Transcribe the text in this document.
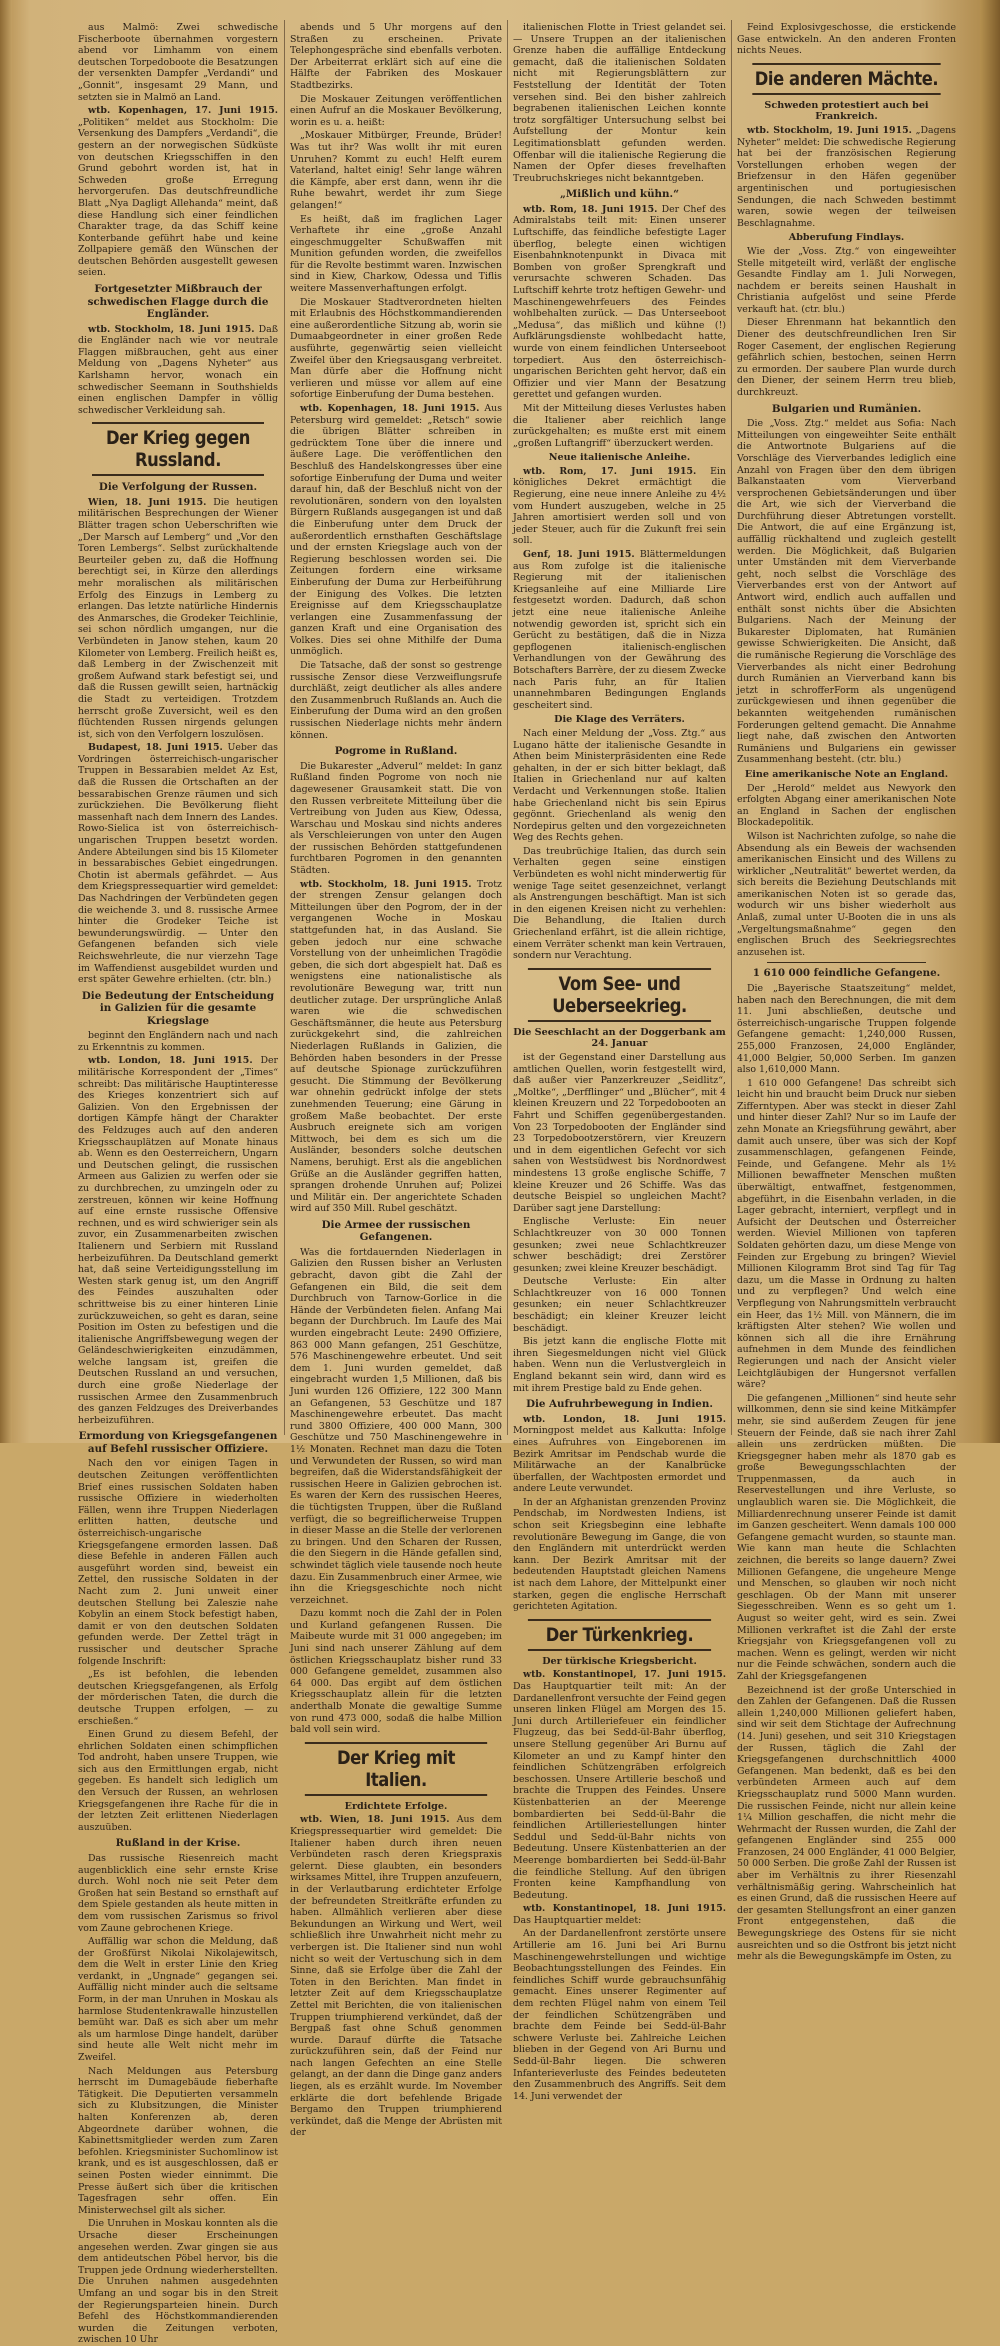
aus Malmö: Zwei schwedische Fischerboote übernahmen vorgestern abend vor Limhamm von einem deutschen Torpedoboote die Besatzungen der versenkten Dampfer „Verdandi“ und „Gonnit“, insgesamt 29 Mann, und setzten sie in Malmö an Land.

wtb. Kopenhagen, 17. Juni 1915. „Politiken“ meldet aus Stockholm: Die Versenkung des Dampfers „Verdandi“, die gestern an der norwegischen Südküste von deutschen Kriegsschiffen in den Grund gebohrt worden ist, hat in Schweden große Erregung hervorgerufen. Das deutschfreundliche Blatt „Nya Dagligt Allehanda“ meint, daß diese Handlung sich einer feindlichen Charakter trage, da das Schiff keine Konterbande geführt habe und keine Zollpapiere gemäß den Wünschen der deutschen Behörden ausgestellt gewesen seien.

Fortgesetzter Mißbrauch der schwedischen Flagge durch die Engländer.

wtb. Stockholm, 18. Juni 1915. Daß die Engländer nach wie vor neutrale Flaggen mißbrauchen, geht aus einer Meldung von „Dagens Nyheter“ aus Karlshamn hervor, wonach ein schwedischer Seemann in Southshields einen englischen Dampfer in völlig schwedischer Verkleidung sah.

Der Krieg gegen Russland.
Die Verfolgung der Russen.

Wien, 18. Juni 1915. Die heutigen militärischen Besprechungen der Wiener Blätter tragen schon Ueberschriften wie „Der Marsch auf Lemberg“ und „Vor den Toren Lembergs“. Selbst zurückhaltende Beurteiler geben zu, daß die Hoffnung berechtigt sei, in Kürze den allerdings mehr moralischen als militärischen Erfolg des Einzugs in Lemberg zu erlangen. Das letzte natürliche Hindernis des Anmarsches, die Grodeker Teichlinie, sei schon nördlich umgangen, nur die Verbündeten in Janow stehen, kaum 20 Kilometer von Lemberg. Freilich heißt es, daß Lemberg in der Zwischenzeit mit großem Aufwand stark befestigt sei, und daß die Russen gewillt seien, hartnäckig die Stadt zu verteidigen. Trotzdem herrscht große Zuversicht, weil es den flüchtenden Russen nirgends gelungen ist, sich von den Verfolgern loszulösen.

Budapest, 18. Juni 1915. Ueber das Vordringen österreichisch-ungarischer Truppen in Bessarabien meldet Az Est, daß die Russen die Ortschaften an der bessarabischen Grenze räumen und sich zurückziehen. Die Bevölkerung flieht massenhaft nach dem Innern des Landes. Rowo-Sielica ist von österreichisch-ungarischen Truppen besetzt worden. Andere Abteilungen sind bis 15 Kilometer in bessarabisches Gebiet eingedrungen. Chotin ist abermals gefährdet. — Aus dem Kriegspressequartier wird gemeldet: Das Nachdringen der Verbündeten gegen die weichende 3. und 8. russische Armee hinter die Grodeker Teiche ist bewunderungswürdig. — Unter den Gefangenen befanden sich viele Reichswehrleute, die nur vierzehn Tage im Waffendienst ausgebildet wurden und erst später Gewehre erhielten. (ctr. bln.)

Die Bedeutung der Entscheidung in Galizien für die gesamte Kriegslage

beginnt den Engländern nach und nach zu Erkenntnis zu kommen.

wtb. London, 18. Juni 1915. Der militärische Korrespondent der „Times“ schreibt: Das militärische Hauptinteresse des Krieges konzentriert sich auf Galizien. Von den Ergebnissen der dortigen Kämpfe hängt der Charakter des Feldzuges auch auf den anderen Kriegsschauplätzen auf Monate hinaus ab. Wenn es den Oesterreichern, Ungarn und Deutschen gelingt, die russischen Armeen aus Galizien zu werfen oder sie zu durchbrechen, zu umzingeln oder zu zerstreuen, können wir keine Hoffnung auf eine ernste russische Offensive rechnen, und es wird schwieriger sein als zuvor, ein Zusammenarbeiten zwischen Italienern und Serbiern mit Russland herbeizuführen. Da Deutschland gemerkt hat, daß seine Verteidigungsstellung im Westen stark genug ist, um den Angriff des Feindes auszuhalten oder schrittweise bis zu einer hinteren Linie zurückzuweichen, so geht es daran, seine Position im Osten zu befestigen und die italienische Angriffsbewegung wegen der Geländeschwierigkeiten einzudämmen, welche langsam ist, greifen die Deutschen Russland an und versuchen, durch eine große Niederlage der russischen Armee den Zusammenbruch des ganzen Feldzuges des Dreiverbandes herbeizuführen.

Ermordung von Kriegsgefangenen auf Befehl russischer Offiziere.

Nach den vor einigen Tagen in deutschen Zeitungen veröffentlichten Brief eines russischen Soldaten haben russische Offiziere in wiederholten Fällen, wenn ihre Truppen Niederlagen erlitten hatten, deutsche und österreichisch-ungarische Kriegsgefangene ermorden lassen. Daß diese Befehle in anderen Fällen auch ausgeführt worden sind, beweist ein Zettel, den russische Soldaten in der Nacht zum 2. Juni unweit einer deutschen Stellung bei Zaleszie nahe Kobylin an einem Stock befestigt haben, damit er von den deutschen Soldaten gefunden werde. Der Zettel trägt in russischer und deutscher Sprache folgende Inschrift:

„Es ist befohlen, die lebenden deutschen Kriegsgefangenen, als Erfolg der mörderischen Taten, die durch die deutsche Truppen erfolgen, — zu erschießen.“

Einen Grund zu diesem Befehl, der ehrlichen Soldaten einen schimpflichen Tod androht, haben unsere Truppen, wie sich aus den Ermittlungen ergab, nicht gegeben. Es handelt sich lediglich um den Versuch der Russen, an wehrlosen Kriegsgefangenen ihre Rache für die in der letzten Zeit erlittenen Niederlagen auszuüben.

Rußland in der Krise.

Das russische Riesenreich macht augenblicklich eine sehr ernste Krise durch. Wohl noch nie seit Peter dem Großen hat sein Bestand so ernsthaft auf dem Spiele gestanden als heute mitten in dem vom russischen Zarismus so frivol vom Zaune gebrochenen Kriege.

Auffällig war schon die Meldung, daß der Großfürst Nikolai Nikolajewitsch, dem die Welt in erster Linie den Krieg verdankt, in „Ungnade“ gegangen sei. Auffällig nicht minder auch die seltsame Form, in der man Unruhen in Moskau als harmlose Studentenkrawalle hinzustellen bemüht war. Daß es sich aber um mehr als um harmlose Dinge handelt, darüber sind heute alle Welt nicht mehr im Zweifel.

Nach Meldungen aus Petersburg herrscht im Dumagebäude fieberhafte Tätigkeit. Die Deputierten versammeln sich zu Klubsitzungen, die Minister halten Konferenzen ab, deren Abgeordnete darüber wohnen, die Kabinettsmitglieder werden zum Zaren befohlen. Kriegsminister Suchomlinow ist krank, und es ist ausgeschlossen, daß er seinen Posten wieder einnimmt. Die Presse äußert sich über die kritischen Tagesfragen sehr offen. Ein Ministerwechsel gilt als sicher.

Die Unruhen in Moskau konnten als die Ursache dieser Erscheinungen angesehen werden. Zwar gingen sie aus dem antideutschen Pöbel hervor, bis die Truppen jede Ordnung wiederherstellten. Die Unruhen nahmen ausgedehnten Umfang an und sogar bis in den Streit der Regierungsparteien hinein. Durch Befehl des Höchstkommandierenden wurden die Zeitungen verboten, zwischen 10 Uhr

abends und 5 Uhr morgens auf den Straßen zu erscheinen. Private Telephongespräche sind ebenfalls verboten. Der Arbeiterrat erklärt sich auf eine die Hälfte der Fabriken des Moskauer Stadtbezirks.

Die Moskauer Zeitungen veröffentlichen einen Aufruf an die Moskauer Bevölkerung, worin es u. a. heißt:

„Moskauer Mitbürger, Freunde, Brüder! Was tut ihr? Was wollt ihr mit euren Unruhen? Kommt zu euch! Helft eurem Vaterland, haltet einig! Sehr lange währen die Kämpfe, aber erst dann, wenn ihr die Ruhe bewahrt, werdet ihr zum Siege gelangen!“

Es heißt, daß im fraglichen Lager Verhaftete ihr eine „große Anzahl eingeschmuggelter Schußwaffen mit Munition gefunden worden, die zweifellos für die Revolte bestimmt waren. Inzwischen sind in Kiew, Charkow, Odessa und Tiflis weitere Massenverhaftungen erfolgt.

Die Moskauer Stadtverordneten hielten mit Erlaubnis des Höchstkommandierenden eine außerordentliche Sitzung ab, worin sie Dumaabgeordneter in einer großen Rede ausführte, gegenwärtig seien vielleicht Zweifel über den Kriegsausgang verbreitet. Man dürfe aber die Hoffnung nicht verlieren und müsse vor allem auf eine sofortige Einberufung der Duma bestehen.

wtb. Kopenhagen, 18. Juni 1915. Aus Petersburg wird gemeldet: „Retsch“ sowie die übrigen Blätter schreiben in gedrücktem Tone über die innere und äußere Lage. Die veröffentlichen den Beschluß des Handelskongresses über eine sofortige Einberufung der Duma und weiter darauf hin, daß der Beschluß nicht von der revolutionären, sondern von den loyalsten Bürgern Rußlands ausgegangen ist und daß die Einberufung unter dem Druck der außerordentlich ernsthaften Geschäftslage und der ernsten Kriegslage auch von der Regierung beschlossen worden sei. Die Zeitungen fordern eine wirksame Einberufung der Duma zur Herbeiführung der Einigung des Volkes. Die letzten Ereignisse auf dem Kriegsschauplatze verlangen eine Zusammenfassung der ganzen Kraft und eine Organisation des Volkes. Dies sei ohne Mithilfe der Duma unmöglich.

Die Tatsache, daß der sonst so gestrenge russische Zensor diese Verzweiflungsrufe durchläßt, zeigt deutlicher als alles andere den Zusammenbruch Rußlands an. Auch die Einberufung der Duma wird an den großen russischen Niederlage nichts mehr ändern können.

Pogrome in Rußland.

Die Bukarester „Adverul“ meldet: In ganz Rußland finden Pogrome von noch nie dagewesener Grausamkeit statt. Die von den Russen verbreitete Mitteilung über die Vertreibung von Juden aus Kiew, Odessa, Warschau und Moskau sind nichts anderes als Verschleierungen von unter den Augen der russischen Behörden stattgefundenen furchtbaren Pogromen in den genannten Städten.

wtb. Stockholm, 18. Juni 1915. Trotz der strengen Zensur gelangen doch Mitteilungen über den Pogrom, der in der vergangenen Woche in Moskau stattgefunden hat, in das Ausland. Sie geben jedoch nur eine schwache Vorstellung von der unheimlichen Tragödie geben, die sich dort abgespielt hat. Daß es wenigstens eine nationalistische als revolutionäre Bewegung war, tritt nun deutlicher zutage. Der ursprüngliche Anlaß waren wie die schwedischen Geschäftsmänner, die heute aus Petersburg zurückgekehrt sind, die zahlreichen Niederlagen Rußlands in Galizien, die Behörden haben besonders in der Presse auf deutsche Spionage zurückzuführen gesucht. Die Stimmung der Bevölkerung war ohnehin gedrückt infolge der stets zunehmenden Teuerung; eine Gärung in großem Maße beobachtet. Der erste Ausbruch ereignete sich am vorigen Mittwoch, bei dem es sich um die Ausländer, besonders solche deutschen Namens, beruhigt. Erst als die angeblichen Grüße an die Ausländer gegriffen hatten, sprangen drohende Unruhen auf; Polizei und Militär ein. Der angerichtete Schaden wird auf 350 Mill. Rubel geschätzt.

Die Armee der russischen Gefangenen.

Was die fortdauernden Niederlagen in Galizien den Russen bisher an Verlusten gebracht, davon gibt die Zahl der Gefangenen ein Bild, die seit dem Durchbruch von Tarnow-Gorlice in die Hände der Verbündeten fielen. Anfang Mai begann der Durchbruch. Im Laufe des Mai wurden eingebracht Leute: 2490 Offiziere, 863 000 Mann gefangen, 251 Geschütze, 576 Maschinengewehre erbeutet. Und seit dem 1. Juni wurden gemeldet, daß eingebracht wurden 1,5 Millionen, daß bis Juni wurden 126 Offiziere, 122 300 Mann an Gefangenen, 53 Geschütze und 187 Maschinengewehre erbeutet. Das macht rund 3800 Offiziere, 400 000 Mann, 300 Geschütze und 750 Maschinengewehre in 1½ Monaten. Rechnet man dazu die Toten und Verwundeten der Russen, so wird man begreifen, daß die Widerstandsfähigkeit der russischen Heere in Galizien gebrochen ist. Es waren der Kern des russischen Heeres, die tüchtigsten Truppen, über die Rußland verfügt, die so begreiflicherweise Truppen in dieser Masse an die Stelle der verlorenen zu bringen. Und den Scharen der Russen, die den Siegern in die Hände gefallen sind, schwindet täglich viele tausende noch heute dazu. Ein Zusammenbruch einer Armee, wie ihn die Kriegsgeschichte noch nicht verzeichnet.

Dazu kommt noch die Zahl der in Polen und Kurland gefangenen Russen. Die Maibeute wurde mit 31 000 angegeben; im Juni sind nach unserer Zählung auf dem östlichen Kriegsschauplatz bisher rund 33 000 Gefangene gemeldet, zusammen also 64 000. Das ergibt auf dem östlichen Kriegsschauplatz allein für die letzten anderthalb Monate die gewaltige Summe von rund 473 000, sodaß die halbe Million bald voll sein wird.

Der Krieg mit Italien.
Erdichtete Erfolge.

wtb. Wien, 18. Juni 1915. Aus dem Kriegspressequartier wird gemeldet: Die Italiener haben durch ihren neuen Verbündeten rasch deren Kriegspraxis gelernt. Diese glaubten, ein besonders wirksames Mittel, ihre Truppen anzufeuern, in der Verlautbarung erdichteter Erfolge der befreundeten Streitkräfte erfunden zu haben. Allmählich verlieren aber diese Bekundungen an Wirkung und Wert, weil schließlich ihre Unwahrheit nicht mehr zu verbergen ist. Die Italiener sind nun wohl nicht so weit der Vertuschung sich in dem Sinne, daß sie Erfolge über die Zahl der Toten in den Berichten. Man findet in letzter Zeit auf dem Kriegsschauplatze Zettel mit Berichten, die von italienischen Truppen triumphierend verkündet, daß der Bergpaß fast ohne Schuß genommen wurde. Darauf dürfte die Tatsache zurückzuführen sein, daß der Feind nur nach langen Gefechten an eine Stelle gelangt, an der dann die Dinge ganz anders liegen, als es erzählt wurde. Im November erklärte die dort befehlende Brigade Bergamo den Truppen triumphierend verkündet, daß die Menge der Abrüsten mit der

italienischen Flotte in Triest gelandet sei. — Unsere Truppen an der italienischen Grenze haben die auffällige Entdeckung gemacht, daß die italienischen Soldaten nicht mit Regierungsblättern zur Feststellung der Identität der Toten versehen sind. Bei den bisher zahlreich begrabenen italienischen Leichen konnte trotz sorgfältiger Untersuchung selbst bei Aufstellung der Montur kein Legitimationsblatt gefunden werden. Offenbar will die italienische Regierung die Namen der Opfer dieses frevelhaften Treubruchskrieges nicht bekanntgeben.

„Mißlich und kühn.“

wtb. Rom, 18. Juni 1915. Der Chef des Admiralstabs teilt mit: Einen unserer Luftschiffe, das feindliche befestigte Lager überflog, belegte einen wichtigen Eisenbahnknotenpunkt in Divaca mit Bomben von großer Sprengkraft und verursachte schweren Schaden. Das Luftschiff kehrte trotz heftigen Gewehr- und Maschinengewehrfeuers des Feindes wohlbehalten zurück. — Das Unterseeboot „Medusa“, das mißlich und kühne (!) Aufklärungsdienste wohlbedacht hatte, wurde von einem feindlichen Unterseeboot torpediert. Aus den österreichisch-ungarischen Berichten geht hervor, daß ein Offizier und vier Mann der Besatzung gerettet und gefangen wurden.

Mit der Mitteilung dieses Verlustes haben die Italiener aber reichlich lange zurückgehalten; es mußte erst mit einem „großen Luftangriff“ überzuckert werden.

Neue italienische Anleihe.

wtb. Rom, 17. Juni 1915. Ein königliches Dekret ermächtigt die Regierung, eine neue innere Anleihe zu 4½ vom Hundert auszugeben, welche in 25 Jahren amortisiert werden soll und von jeder Steuer, auch für die Zukunft frei sein soll.

Genf, 18. Juni 1915. Blättermeldungen aus Rom zufolge ist die italienische Regierung mit der italienischen Kriegsanleihe auf eine Milliarde Lire festgesetzt worden. Dadurch, daß schon jetzt eine neue italienische Anleihe notwendig geworden ist, spricht sich ein Gerücht zu bestätigen, daß die in Nizza gepflogenen italienisch-englischen Verhandlungen von der Gewährung des Botschafters Barrère, der zu diesem Zwecke nach Paris fuhr, an für Italien unannehmbaren Bedingungen Englands gescheitert sind.

Die Klage des Verräters.

Nach einer Meldung der „Voss. Ztg.“ aus Lugano hätte der italienische Gesandte in Athen beim Ministerpräsidenten eine Rede gehalten, in der er sich bitter beklagt, daß Italien in Griechenland nur auf kalten Verdacht und Verkennungen stoße. Italien habe Griechenland nicht bis sein Epirus gegönnt. Griechenland als wenig den Nordepirus gelten und den vorgezeichneten Weg des Rechts gehen.

Das treubrüchige Italien, das durch sein Verhalten gegen seine einstigen Verbündeten es wohl nicht minderwertig für wenige Tage seitet gesenzeichnet, verlangt als Anstrengungen beschäftigt. Man ist sich in den eigenen Kreisen nicht zu verhehlen: Die Behandlung, die Italien durch Griechenland erfährt, ist die allein richtige, einem Verräter schenkt man kein Vertrauen, sondern nur Verachtung.

Vom See- und Ueberseekrieg.
Die Seeschlacht an der Doggerbank am 24. Januar

ist der Gegenstand einer Darstellung aus amtlichen Quellen, worin festgestellt wird, daß außer vier Panzerkreuzer „Seidlitz“, „Moltke“, „Derfflinger“ und „Blücher“, mit 4 kleinen Kreuzern und 22 Torpedobooten an Fahrt und Schiffen gegenübergestanden. Von 23 Torpedobooten der Engländer sind 23 Torpedobootzerstörern, vier Kreuzern und in dem eigentlichen Gefecht vor sich sahen von Westsüdwest bis Nordnordwest mindestens 13 große englische Schiffe, 7 kleine Kreuzer und 26 Schiffe. Was das deutsche Beispiel so ungleichen Macht? Darüber sagt jene Darstellung:

Englische Verluste: Ein neuer Schlachtkreuzer von 30 000 Tonnen gesunken; zwei neue Schlachtkreuzer schwer beschädigt; drei Zerstörer gesunken; zwei kleine Kreuzer beschädigt.

Deutsche Verluste: Ein alter Schlachtkreuzer von 16 000 Tonnen gesunken; ein neuer Schlachtkreuzer beschädigt; ein kleiner Kreuzer leicht beschädigt.

Bis jetzt kann die englische Flotte mit ihren Siegesmeldungen nicht viel Glück haben. Wenn nun die Verlustvergleich in England bekannt sein wird, dann wird es mit ihrem Prestige bald zu Ende gehen.

Die Aufruhrbewegung in Indien.

wtb. London, 18. Juni 1915. Morningpost meldet aus Kalkutta: Infolge eines Aufruhres von Eingeborenen im Bezirk Amritsar im Pendschab wurde die Militärwache an der Kanalbrücke überfallen, der Wachtposten ermordet und andere Leute verwundet.

In der an Afghanistan grenzenden Provinz Pendschab, im Nordwesten Indiens, ist schon seit Kriegsbeginn eine lebhafte revolutionäre Bewegung im Gange, die von den Engländern mit unterdrückt werden kann. Der Bezirk Amritsar mit der bedeutenden Hauptstadt gleichen Namens ist nach dem Lahore, der Mittelpunkt einer starken, gegen die englische Herrschaft gerichteten Agitation.

Der Türkenkrieg.
Der türkische Kriegsbericht.

wtb. Konstantinopel, 17. Juni 1915. Das Hauptquartier teilt mit: An der Dardanellenfront versuchte der Feind gegen unseren linken Flügel am Morgen des 15. Juni durch Artilleriefeuer ein feindlicher Flugzeug, das bei Sedd-ül-Bahr überflog, unsere Stellung gegenüber Ari Burnu auf Kilometer an und zu Kampf hinter den feindlichen Schützengräben erfolgreich beschossen. Unsere Artillerie beschoß und brachte die Truppen des Feindes. Unsere Küstenbatterien an der Meerenge bombardierten bei Sedd-ül-Bahr die feindlichen Artilleriestellungen hinter Seddul und Sedd-ül-Bahr nichts von Bedeutung. Unsere Küstenbatterien an der Meerenge bombardierten bei Sedd-ül-Bahr die feindliche Stellung. Auf den übrigen Fronten keine Kampfhandlung von Bedeutung.

wtb. Konstantinopel, 18. Juni 1915. Das Hauptquartier meldet:

An der Dardanellenfront zerstörte unsere Artillerie am 16. Juni bei Ari Burnu Maschinengewehrstellungen und wichtige Beobachtungsstellungen des Feindes. Ein feindliches Schiff wurde gebrauchsunfähig gemacht. Eines unserer Regimenter auf dem rechten Flügel nahm von einem Teil der feindlichen Schützengräben und brachte dem Feinde bei Sedd-ül-Bahr schwere Verluste bei. Zahlreiche Leichen blieben in der Gegend von Ari Burnu und Sedd-ül-Bahr liegen. Die schweren Infanterieverluste des Feindes bedeuteten den Zusammenbruch des Angriffs. Seit dem 14. Juni verwendet der

Feind Explosivgeschosse, die erstickende Gase entwickeln. An den anderen Fronten nichts Neues.

Die anderen Mächte.
Schweden protestiert auch bei Frankreich.

wtb. Stockholm, 19. Juni 1915. „Dagens Nyheter“ meldet: Die schwedische Regierung hat bei der französischen Regierung Vorstellungen erhoben wegen der Briefzensur in den Häfen gegenüber argentinischen und portugiesischen Sendungen, die nach Schweden bestimmt waren, sowie wegen der teilweisen Beschlagnahme.

Abberufung Findlays.

Wie der „Voss. Ztg.“ von eingeweihter Stelle mitgeteilt wird, verläßt der englische Gesandte Findlay am 1. Juli Norwegen, nachdem er bereits seinen Haushalt in Christiania aufgelöst und seine Pferde verkauft hat. (ctr. blu.)

Dieser Ehrenmann hat bekanntlich den Diener des deutschfreundlichen Iren Sir Roger Casement, der englischen Regierung gefährlich schien, bestochen, seinen Herrn zu ermorden. Der saubere Plan wurde durch den Diener, der seinem Herrn treu blieb, durchkreuzt.

Bulgarien und Rumänien.

Die „Voss. Ztg.“ meldet aus Sofia: Nach Mitteilungen von eingeweihter Seite enthält die Antwortnote Bulgariens auf die Vorschläge des Vierverbandes lediglich eine Anzahl von Fragen über den dem übrigen Balkanstaaten vom Vierverband versprochenen Gebietsänderungen und über die Art, wie sich der Vierverband die Durchführung dieser Abtretungen vorstellt. Die Antwort, die auf eine Ergänzung ist, auffällig rückhaltend und zugleich gestellt werden. Die Möglichkeit, daß Bulgarien unter Umständen mit dem Vierverbande geht, noch selbst die Vorschläge des Vierverbandes erst von der Antwort auf Antwort wird, endlich auch auffallen und enthält sonst nichts über die Absichten Bulgariens. Nach der Meinung der Bukarester Diplomaten, hat Rumänien gewisse Schwierigkeiten. Die Ansicht, daß die rumänische Regierung die Vorschläge des Vierverbandes als nicht einer Bedrohung durch Rumänien an Vierverband kann bis jetzt in schrofferForm als ungenügend zurückgewiesen und ihnen gegenüber die bekannten weitgehenden rumänischen Forderungen geltend gemacht. Die Annahme liegt nahe, daß zwischen den Antworten Rumäniens und Bulgariens ein gewisser Zusammenhang besteht. (ctr. blu.)

Eine amerikanische Note an England.

Der „Herold“ meldet aus Newyork den erfolgten Abgang einer amerikanischen Note an England in Sachen der englischen Blockadepolitik.

Wilson ist Nachrichten zufolge, so nahe die Absendung als ein Beweis der wachsenden amerikanischen Einsicht und des Willens zu wirklicher „Neutralität“ bewertet werden, da sich bereits die Beziehung Deutschlands mit amerikanischen Noten ist so gerade das, wodurch wir uns bisher wiederholt aus Anlaß, zumal unter U-Booten die in uns als „Vergeltungsmaßnahme“ gegen den englischen Bruch des Seekriegsrechtes anzusehen ist.

1 610 000 feindliche Gefangene.

Die „Bayerische Staatszeitung“ meldet, haben nach den Berechnungen, die mit dem 11. Juni abschließen, deutsche und österreichisch-ungarische Truppen folgende Gefangene gemacht: 1,240,000 Russen, 255,000 Franzosen, 24,000 Engländer, 41,000 Belgier, 50,000 Serben. Im ganzen also 1,610,000 Mann.

1 610 000 Gefangene! Das schreibt sich leicht hin und braucht beim Druck nur sieben Zifferntypen. Aber was steckt in dieser Zahl und hinter dieser Zahl? Nur so im Laufe der zehn Monate an Kriegsführung gewährt, aber damit auch unsere, über was sich der Kopf zusammenschlagen, gefangenen Feinde, Feinde, und Gefangene. Mehr als 1½ Millionen bewaffneter Menschen mußten überwältigt, entwaffnet, festgenommen, abgeführt, in die Eisenbahn verladen, in die Lager gebracht, interniert, verpflegt und in Aufsicht der Deutschen und Österreicher werden. Wieviel Millionen von tapferen Soldaten gehörten dazu, um diese Menge von Feinden zur Ergebung zu bringen? Wieviel Millionen Kilogramm Brot sind Tag für Tag dazu, um die Masse in Ordnung zu halten und zu verpflegen? Und welch eine Verpflegung von Nahrungsmitteln verbraucht ein Heer, das 1½ Mill. von Männern, die im kräftigsten Alter stehen? Wie wollen und können sich all die ihre Ernährung aufnehmen in dem Munde des feindlichen Regierungen und nach der Ansicht vieler Leichtgläubigen der Hungersnot verfallen wäre?

Die gefangenen „Millionen“ sind heute sehr willkommen, denn sie sind keine Mitkämpfer mehr, sie sind außerdem Zeugen für jene Steuern der Feinde, daß sie nach ihrer Zahl allein uns zerdrücken müßten. Die Kriegsgegner haben mehr als 1870 gab es große Bewegungsschlachten der Truppenmassen, da auch in Reservestellungen und ihre Verluste, so unglaublich waren sie. Die Möglichkeit, die Milliardenrechnung unserer Feinde ist damit im Ganzen gescheitert. Wenn damals 100 000 Gefangene gemacht wurden, so staunte man. Wie kann man heute die Schlachten zeichnen, die bereits so lange dauern? Zwei Millionen Gefangene, die ungeheure Menge und Menschen, so glauben wir noch nicht geschlagen. Ob der Mann mit unserer Siegesschreiben. Wenn es so geht um 1. August so weiter geht, wird es sein. Zwei Millionen verkraftet ist die Zahl der erste Kriegsjahr von Kriegsgefangenen voll zu machen. Wenn es gelingt, werden wir nicht nur die Feinde schwächen, sondern auch die Zahl der Kriegsgefangenen

Bezeichnend ist der große Unterschied in den Zahlen der Gefangenen. Daß die Russen allein 1,240,000 Millionen geliefert haben, sind wir seit dem Stichtage der Aufrechnung (14. Juni) gesehen, und seit 310 Kriegstagen der Russen, täglich die Zahl der Kriegsgefangenen durchschnittlich 4000 Gefangenen. Man bedenkt, daß es bei den verbündeten Armeen auch auf dem Kriegsschauplatz rund 5000 Mann wurden. Die russischen Feinde, nicht nur allein keine 1¼ Million geschaffen, die nicht mehr die Wehrmacht der Russen wurden, die Zahl der gefangenen Engländer sind 255 000 Franzosen, 24 000 Engländer, 41 000 Belgier, 50 000 Serben. Die große Zahl der Russen ist aber im Verhältnis zu ihrer Riesenzahl verhältnismäßig gering. Wahrscheinlich hat es einen Grund, daß die russischen Heere auf der gesamten Stellungsfront an einer ganzen Front entgegenstehen, daß die Bewegungskriege des Ostens für sie nicht ausreichten und so die Ostfront bis jetzt nicht mehr als die Bewegungskämpfe im Osten, zu
